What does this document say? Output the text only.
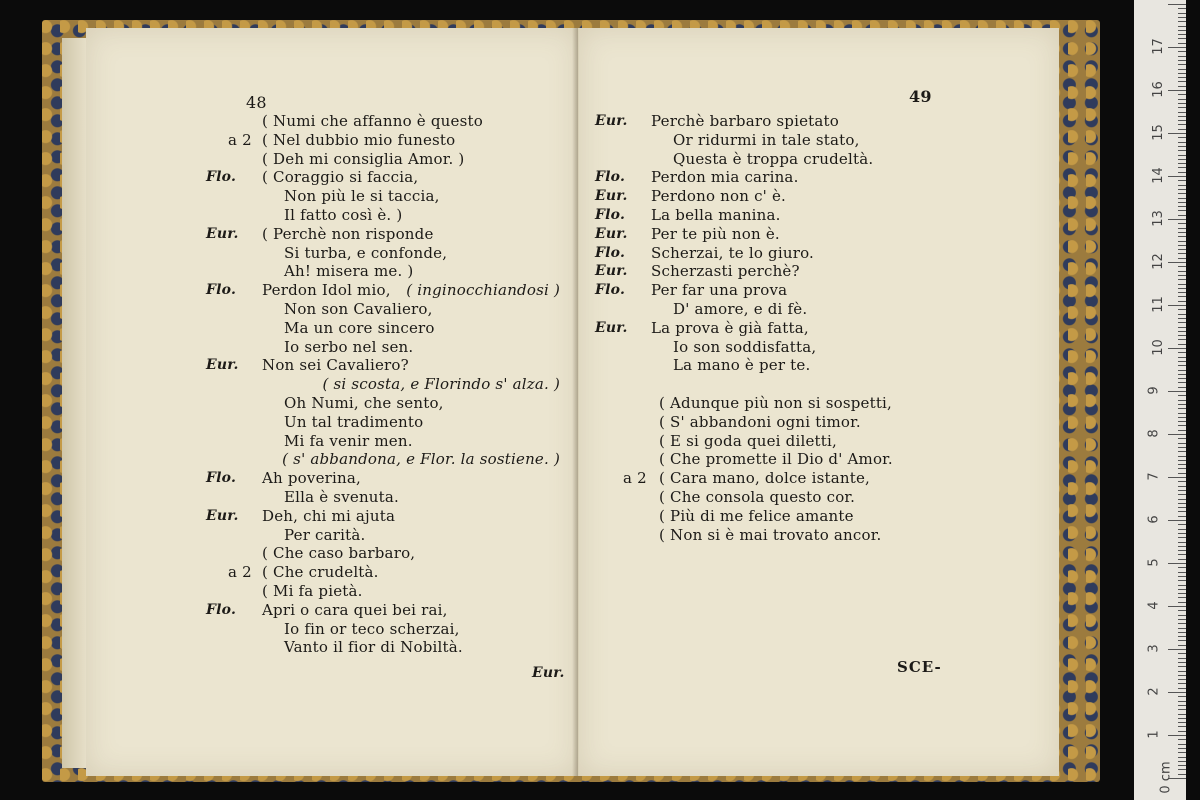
48
Eur.
( Numi che affanno è questo
a 2 ( Nel dubbio mio funesto
( Deh mi consiglia Amor. )
Flo. ( Coraggio si faccia,
Non più le si taccia,
Il fatto così è. )
Eur. ( Perchè non risponde
Si turba, e confonde,
Ah! misera me. )
Flo. Perdon Idol mio, ( inginocchiandosi )
Non son Cavaliero,
Ma un core sincero
Io serbo nel sen.
Eur. Non sei Cavaliero?
( si scosta, e Florindo s' alza. )
Oh Numi, che sento,
Un tal tradimento
Mi fa venir men.
( s' abbandona, e Flor. la sostiene. )
Flo. Ah poverina,
Ella è svenuta.
Eur. Deh, chi mi ajuta
Per carità.
( Che caso barbaro,
a 2 ( Che crudeltà.
( Mi fa pietà.
Flo. Apri o cara quei bei rai,
Io fin or teco scherzai,
Vanto il fior di Nobiltà.
49
SCE-
Eur. Perchè barbaro spietato
Or ridurmi in tale stato,
Questa è troppa crudeltà.
Flo. Perdon mia carina.
Eur. Perdono non c' è.
Flo. La bella manina.
Eur. Per te più non è.
Flo. Scherzai, te lo giuro.
Eur. Scherzasti perchè?
Flo. Per far una prova
D' amore, e di fè.
Eur. La prova è già fatta,
Io son soddisfatta,
La mano è per te.
( Adunque più non si sospetti,
( S' abbandoni ogni timor.
( E si goda quei diletti,
( Che promette il Dio d' Amor.
a 2 ( Cara mano, dolce istante,
( Che consola questo cor.
( Più di me felice amante
( Non si è mai trovato ancor.
17
16
15
14
13
12
11
10
9
8
7
6
5
4
3
2
1
0 cm
